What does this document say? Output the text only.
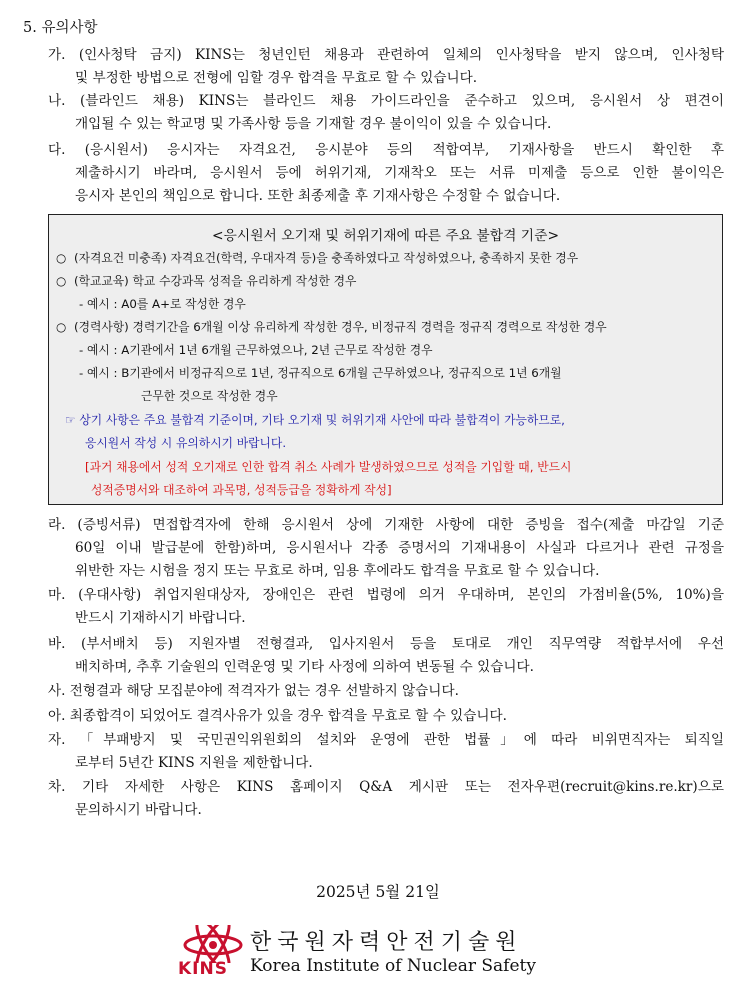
5. 유의사항
가. (인사청탁 금지) KINS는 청년인턴 채용과 관련하여 일체의 인사청탁을 받지 않으며, 인사청탁
및 부정한 방법으로 전형에 임할 경우 합격을 무효로 할 수 있습니다.
나. (블라인드 채용) KINS는 블라인드 채용 가이드라인을 준수하고 있으며, 응시원서 상 편견이
개입될 수 있는 학교명 및 가족사항 등을 기재할 경우 불이익이 있을 수 있습니다.
다. (응시원서) 응시자는 자격요건, 응시분야 등의 적합여부, 기재사항을 반드시 확인한 후
제출하시기 바라며, 응시원서 등에 허위기재, 기재착오 또는 서류 미제출 등으로 인한 불이익은
응시자 본인의 책임으로 합니다. 또한 최종제출 후 기재사항은 수정할 수 없습니다.
<응시원서 오기재 및 허위기재에 따른 주요 불합격 기준>
○ (자격요건 미충족) 자격요건(학력, 우대자격 등)을 충족하였다고 작성하였으나, 충족하지 못한 경우
○ (학교교육) 학교 수강과목 성적을 유리하게 작성한 경우
- 예시 : A0를 A+로 작성한 경우
○ (경력사항) 경력기간을 6개월 이상 유리하게 작성한 경우, 비정규직 경력을 정규직 경력으로 작성한 경우
- 예시 : A기관에서 1년 6개월 근무하였으나, 2년 근무로 작성한 경우
- 예시 : B기관에서 비정규직으로 1년, 정규직으로 6개월 근무하였으나, 정규직으로 1년 6개월
근무한 것으로 작성한 경우
☞ 상기 사항은 주요 불합격 기준이며, 기타 오기재 및 허위기재 사안에 따라 불합격이 가능하므로,
응시원서 작성 시 유의하시기 바랍니다.
[과거 채용에서 성적 오기재로 인한 합격 취소 사례가 발생하였으므로 성적을 기입할 때, 반드시
성적증명서와 대조하여 과목명, 성적등급을 정확하게 작성]
라. (증빙서류) 면접합격자에 한해 응시원서 상에 기재한 사항에 대한 증빙을 접수(제출 마감일 기준
60일 이내 발급분에 한함)하며, 응시원서나 각종 증명서의 기재내용이 사실과 다르거나 관련 규정을
위반한 자는 시험을 정지 또는 무효로 하며, 임용 후에라도 합격을 무효로 할 수 있습니다.
마. (우대사항) 취업지원대상자, 장애인은 관련 법령에 의거 우대하며, 본인의 가점비율(5%, 10%)을
반드시 기재하시기 바랍니다.
바. (부서배치 등) 지원자별 전형결과, 입사지원서 등을 토대로 개인 직무역량 적합부서에 우선
배치하며, 추후 기술원의 인력운영 및 기타 사정에 의하여 변동될 수 있습니다.
사. 전형결과 해당 모집분야에 적격자가 없는 경우 선발하지 않습니다.
아. 최종합격이 되었어도 결격사유가 있을 경우 합격을 무효로 할 수 있습니다.
자. 「부패방지 및 국민권익위원회의 설치와 운영에 관한 법률」에 따라 비위면직자는 퇴직일
로부터 5년간 KINS 지원을 제한합니다.
차. 기타 자세한 사항은 KINS 홈페이지 Q&A 게시판 또는 전자우편(recruit@kins.re.kr)으로
문의하시기 바랍니다.
2025년 5월 21일
KINS
한국원자력안전기술원
Korea Institute of Nuclear Safety
